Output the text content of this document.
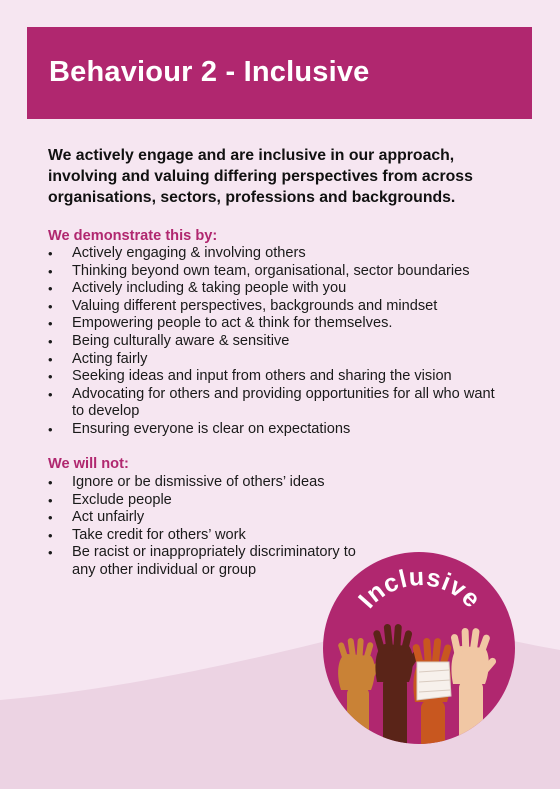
Behaviour 2 - Inclusive

We actively engage and are inclusive in our approach, involving and valuing differing perspectives from across organisations, sectors, professions and backgrounds.

We demonstrate this by:
• Actively engaging & involving others
• Thinking beyond own team, organisational, sector boundaries
• Actively including & taking people with you
• Valuing different perspectives, backgrounds and mindset
• Empowering people to act & think for themselves.
• Being culturally aware & sensitive
• Acting fairly
• Seeking ideas and input from others and sharing the vision
• Advocating for others and providing opportunities for all who want to develop
• Ensuring everyone is clear on expectations
We will not:
• Ignore or be dismissive of others’ ideas
• Exclude people
• Act unfairly
• Take credit for others’ work
• Be racist or inappropriately discriminatory to any other individual or group
Inclusive
